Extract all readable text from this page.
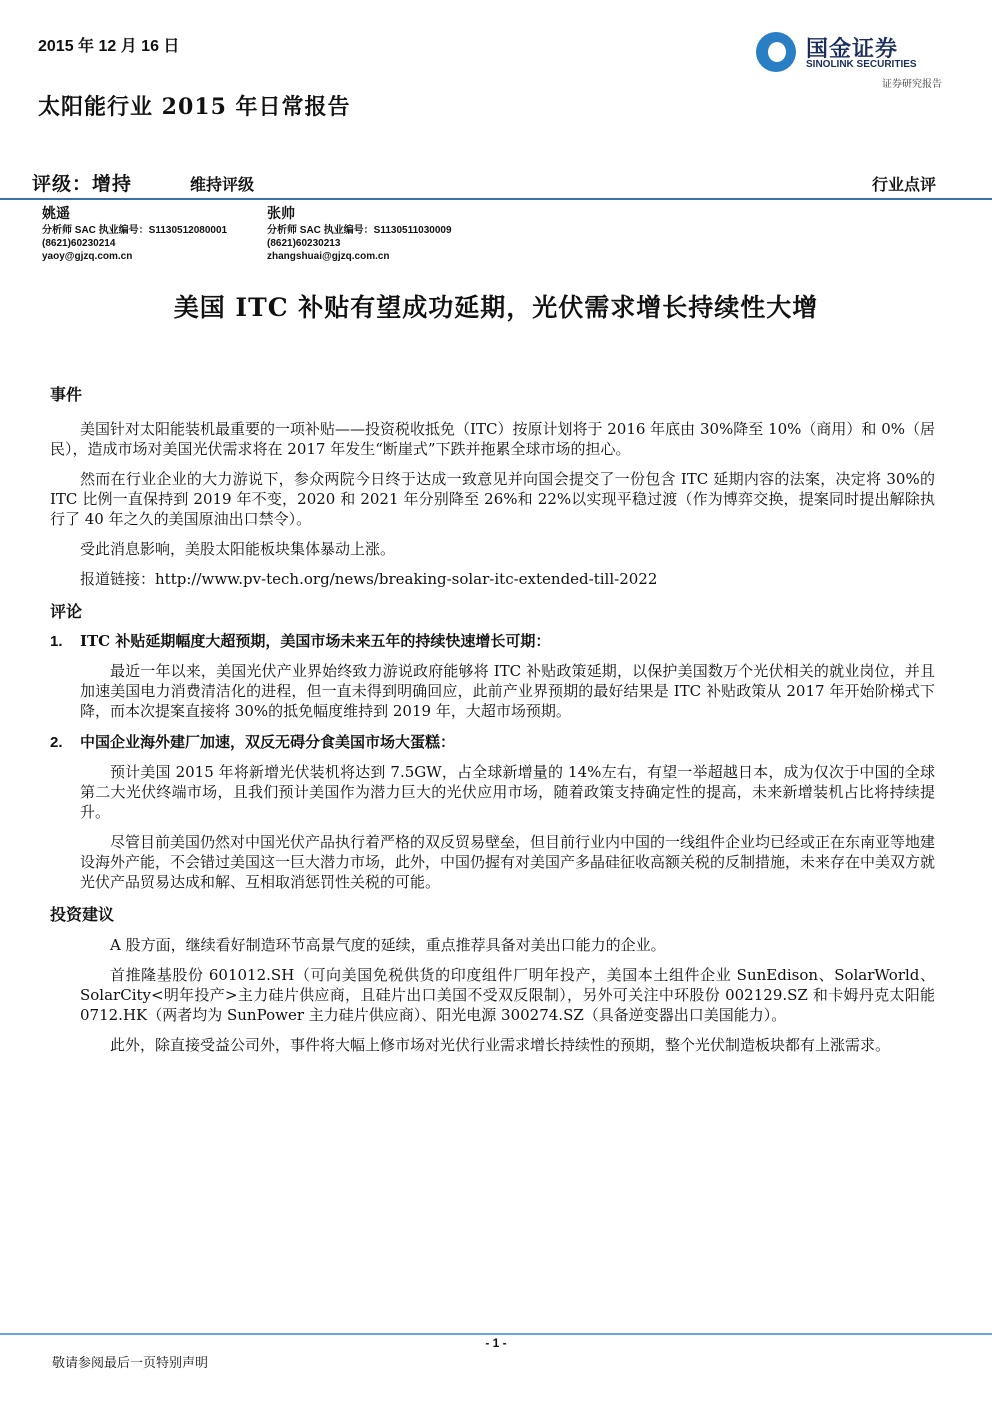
2015 年 12 月 16 日
太阳能行业 2015 年日常报告
国金证券
SINOLINK SECURITIES
证券研究报告
评级：增持	维持评级	行业点评
姚遥
分析师 SAC 执业编号：S1130512080001
(8621)60230214
yaoy@gjzq.com.cn
张帅
分析师 SAC 执业编号：S1130511030009
(8621)60230213
zhangshuai@gjzq.com.cn
美国 ITC 补贴有望成功延期，光伏需求增长持续性大增
事件

美国针对太阳能装机最重要的一项补贴——投资税收抵免（ITC）按原计划将于 2016 年底由 30%降至 10%（商用）和 0%（居民），造成市场对美国光伏需求将在 2017 年发生“断崖式”下跌并拖累全球市场的担心。

然而在行业企业的大力游说下，参众两院今日终于达成一致意见并向国会提交了一份包含 ITC 延期内容的法案，决定将 30%的 ITC 比例一直保持到 2019 年不变，2020 和 2021 年分别降至 26%和 22%以实现平稳过渡（作为博弈交换，提案同时提出解除执行了 40 年之久的美国原油出口禁令）。

受此消息影响，美股太阳能板块集体暴动上涨。

报道链接：http://www.pv-tech.org/news/breaking-solar-itc-extended-till-2022

评论
1. ITC 补贴延期幅度大超预期，美国市场未来五年的持续快速增长可期：

最近一年以来，美国光伏产业界始终致力游说政府能够将 ITC 补贴政策延期，以保护美国数万个光伏相关的就业岗位，并且加速美国电力消费清洁化的进程，但一直未得到明确回应，此前产业界预期的最好结果是 ITC 补贴政策从 2017 年开始阶梯式下降，而本次提案直接将 30%的抵免幅度维持到 2019 年，大超市场预期。

2. 中国企业海外建厂加速，双反无碍分食美国市场大蛋糕：

预计美国 2015 年将新增光伏装机将达到 7.5GW，占全球新增量的 14%左右，有望一举超越日本，成为仅次于中国的全球第二大光伏终端市场，且我们预计美国作为潜力巨大的光伏应用市场，随着政策支持确定性的提高，未来新增装机占比将持续提升。

尽管目前美国仍然对中国光伏产品执行着严格的双反贸易壁垒，但目前行业内中国的一线组件企业均已经或正在东南亚等地建设海外产能，不会错过美国这一巨大潜力市场，此外，中国仍握有对美国产多晶硅征收高额关税的反制措施，未来存在中美双方就光伏产品贸易达成和解、互相取消惩罚性关税的可能。

投资建议

A 股方面，继续看好制造环节高景气度的延续，重点推荐具备对美出口能力的企业。

首推隆基股份 601012.SH（可向美国免税供货的印度组件厂明年投产，美国本土组件企业 SunEdison、SolarWorld、SolarCity<明年投产>主力硅片供应商，且硅片出口美国不受双反限制），另外可关注中环股份 002129.SZ 和卡姆丹克太阳能 0712.HK（两者均为 SunPower 主力硅片供应商）、阳光电源 300274.SZ（具备逆变器出口美国能力）。

此外，除直接受益公司外，事件将大幅上修市场对光伏行业需求增长持续性的预期，整个光伏制造板块都有上涨需求。

- 1 -
敬请参阅最后一页特别声明
